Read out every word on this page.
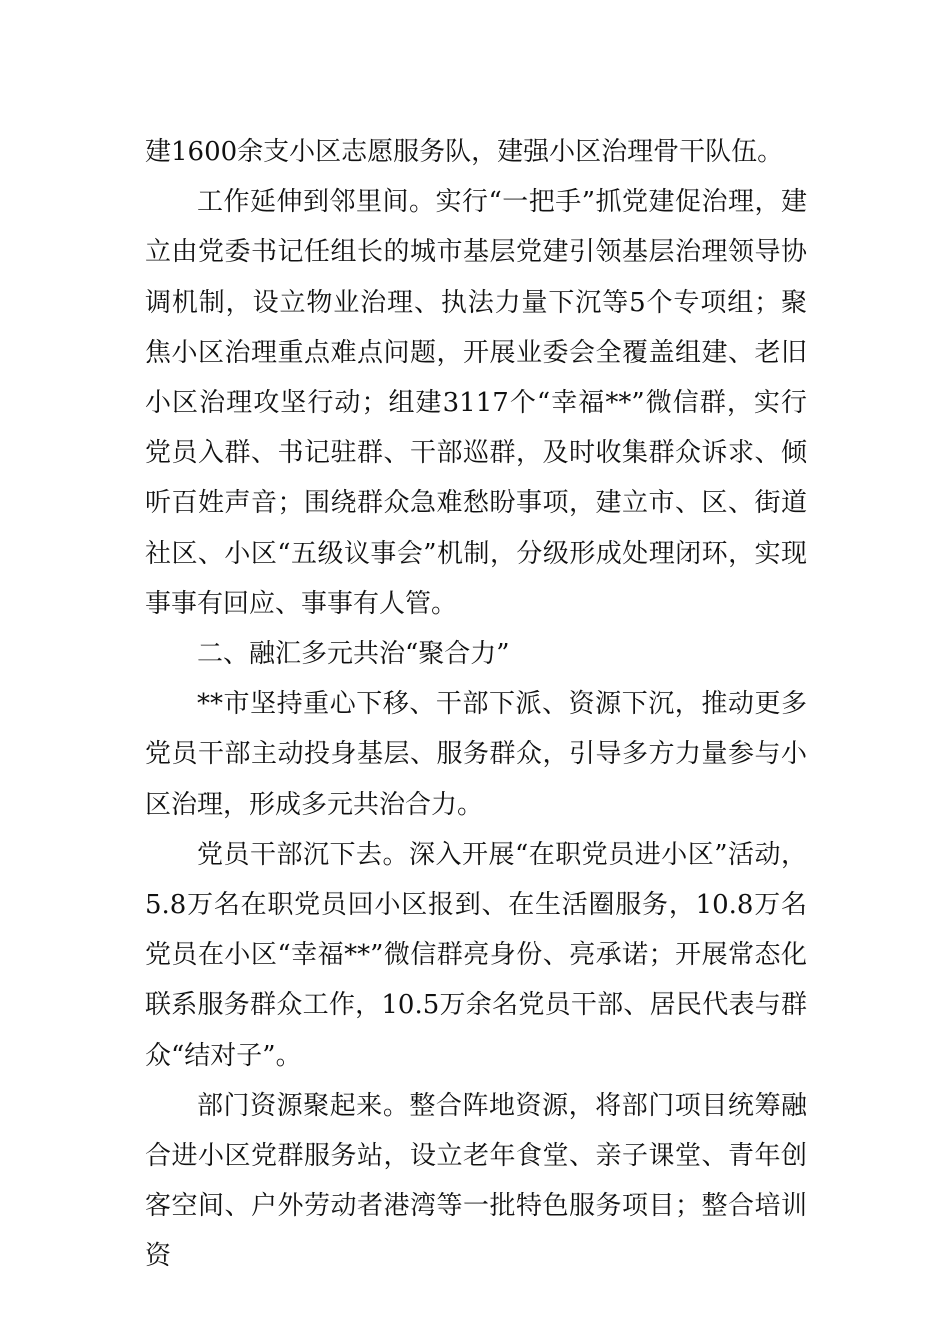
建1600余支小区志愿服务队，建强小区治理骨干队伍。

工作延伸到邻里间。实行“一把手”抓党建促治理，建立由党委书记任组长的城市基层党建引领基层治理领导协调机制，设立物业治理、执法力量下沉等5个专项组；聚焦小区治理重点难点问题，开展业委会全覆盖组建、老旧小区治理攻坚行动；组建3117个“幸福**”微信群，实行党员入群、书记驻群、干部巡群，及时收集群众诉求、倾听百姓声音；围绕群众急难愁盼事项，建立市、区、街道社区、小区“五级议事会”机制，分级形成处理闭环，实现事事有回应、事事有人管。

二、融汇多元共治“聚合力”

**市坚持重心下移、干部下派、资源下沉，推动更多党员干部主动投身基层、服务群众，引导多方力量参与小区治理，形成多元共治合力。

党员干部沉下去。深入开展“在职党员进小区”活动，5.8万名在职党员回小区报到、在生活圈服务，10.8万名党员在小区“幸福**”微信群亮身份、亮承诺；开展常态化联系服务群众工作，10.5万余名党员干部、居民代表与群众“结对子”。

部门资源聚起来。整合阵地资源，将部门项目统筹融合进小区党群服务站，设立老年食堂、亲子课堂、青年创客空间、户外劳动者港湾等一批特色服务项目；整合培训资
